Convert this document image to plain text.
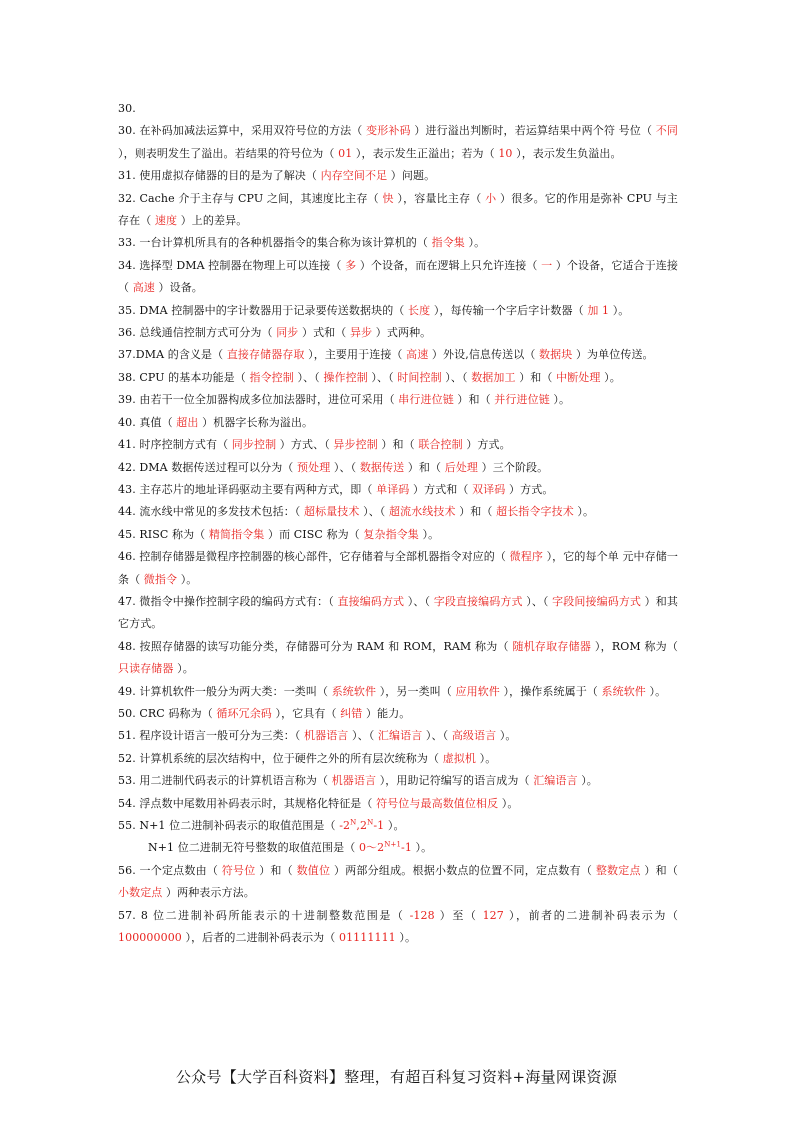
30.

30. 在补码加减法运算中，采用双符号位的方法（ 变形补码 ）进行溢出判断时，若运算结果中两个符 号位（ 不同 ），则表明发生了溢出。若结果的符号位为（ 01 ），表示发生正溢出；若为（ 10 ），表示发生负溢出。

31. 使用虚拟存储器的目的是为了解决（ 内存空间不足 ）问题。

32. Cache 介于主存与 CPU 之间，其速度比主存（ 快 ），容量比主存（ 小 ）很多。它的作用是弥补 CPU 与主存在（ 速度 ）上的差异。

33. 一台计算机所具有的各种机器指令的集合称为该计算机的（ 指令集 ）。

34. 选择型 DMA 控制器在物理上可以连接（ 多 ）个设备，而在逻辑上只允许连接（ 一 ）个设备，它适合于连接（ 高速 ）设备。

35. DMA 控制器中的字计数器用于记录要传送数据块的（ 长度 ），每传输一个字后字计数器（ 加 1 ）。

36. 总线通信控制方式可分为（ 同步 ）式和（ 异步 ）式两种。

37.DMA 的含义是（ 直接存储器存取 ），主要用于连接（ 高速 ）外设,信息传送以（ 数据块 ）为单位传送。

38. CPU 的基本功能是（ 指令控制 ）、（ 操作控制 ）、（ 时间控制 ）、（ 数据加工 ）和（ 中断处理 ）。

39. 由若干一位全加器构成多位加法器时，进位可采用（ 串行进位链 ）和（ 并行进位链 ）。

40. 真值（ 超出 ）机器字长称为溢出。

41. 时序控制方式有（ 同步控制 ）方式、（ 异步控制 ）和（ 联合控制 ）方式。

42. DMA 数据传送过程可以分为（ 预处理 ）、（ 数据传送 ）和（ 后处理 ）三个阶段。

43. 主存芯片的地址译码驱动主要有两种方式，即（ 单译码 ）方式和（ 双译码 ）方式。

44. 流水线中常见的多发技术包括：（ 超标量技术 ）、（ 超流水线技术 ）和（ 超长指令字技术 ）。

45. RISC 称为（ 精简指令集 ）而 CISC 称为（ 复杂指令集 ）。

46. 控制存储器是微程序控制器的核心部件，它存储着与全部机器指令对应的（ 微程序 ），它的每个单 元中存储一条（ 微指令 ）。

47. 微指令中操作控制字段的编码方式有：（ 直接编码方式 ）、（ 字段直接编码方式 ）、（ 字段间接编码方式 ）和其它方式。

48. 按照存储器的读写功能分类，存储器可分为 RAM 和 ROM，RAM 称为（ 随机存取存储器 ），ROM 称为（ 只读存储器 ）。

49. 计算机软件一般分为两大类：一类叫（ 系统软件 ），另一类叫（ 应用软件 ），操作系统属于（ 系统软件 ）。

50. CRC 码称为（ 循环冗余码 ），它具有（ 纠错 ）能力。

51. 程序设计语言一般可分为三类：（ 机器语言 ）、（ 汇编语言 ）、（ 高级语言 ）。

52. 计算机系统的层次结构中，位于硬件之外的所有层次统称为（ 虚拟机 ）。

53. 用二进制代码表示的计算机语言称为（ 机器语言 ），用助记符编写的语言成为（ 汇编语言 ）。

54. 浮点数中尾数用补码表示时，其规格化特征是（ 符号位与最高数值位相反 ）。

55. N+1 位二进制补码表示的取值范围是（ $-2^N,2^N-1$ ）。

N+1 位二进制无符号整数的取值范围是（ $0\sim 2^{N+1}-1$ ）。

56. 一个定点数由（ 符号位 ）和（ 数值位 ）两部分组成。根据小数点的位置不同，定点数有（ 整数定点 ）和（ 小数定点 ）两种表示方法。

57. 8 位二进制补码所能表示的十进制整数范围是（ -128 ）至（ 127 ），前者的二进制补码表示为（ 100000000 ），后者的二进制补码表示为（ 01111111 ）。

公众号【大学百科资料】整理，有超百科复习资料+海量网课资源
